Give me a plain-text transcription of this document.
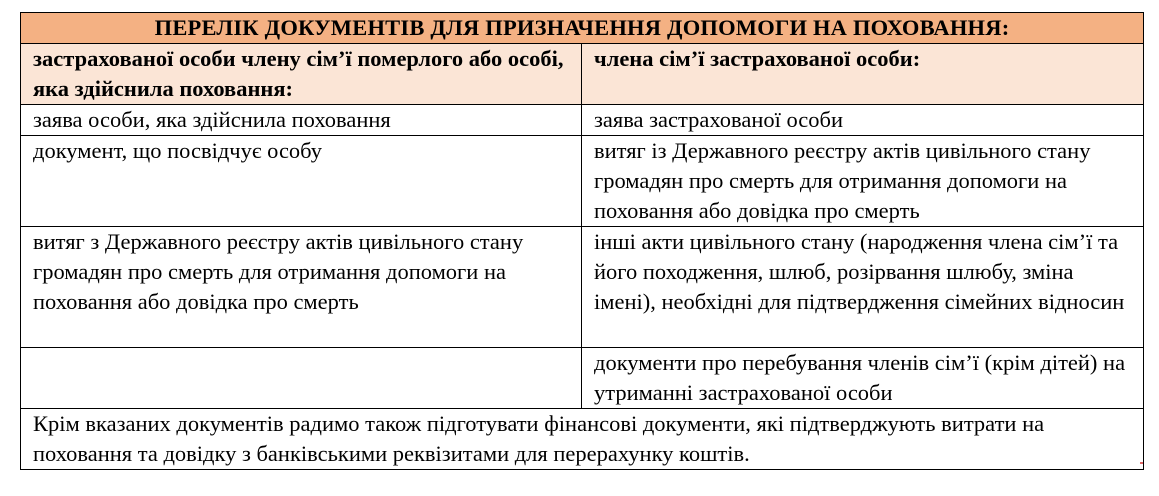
ПЕРЕЛІК ДОКУМЕНТІВ ДЛЯ ПРИЗНАЧЕННЯ ДОПОМОГИ НА ПОХОВАННЯ:	
застрахованої особи члену сім’ї померлого або особі, яка здійснила поховання:	члена сім’ї застрахованої особи:
заява особи, яка здійснила поховання	заява застрахованої особи
документ, що посвідчує особу	витяг із Державного реєстру актів цивільного стану громадян про смерть для отримання допомоги на поховання або довідка про смерть
витяг з Державного реєстру актів цивільного стану громадян про смерть для отримання допомоги на поховання або довідка про смерть	інші акти цивільного стану (народження члена сім’ї та його походження, шлюб, розірвання шлюбу, зміна імені), необхідні для підтвердження сімейних відносин
	документи про перебування членів сім’ї (крім дітей) на утриманні застрахованої особи
Крім вказаних документів радимо також підготувати фінансові документи, які підтверджують витрати на поховання та довідку з банківськими реквізитами для перерахунку коштів.	
